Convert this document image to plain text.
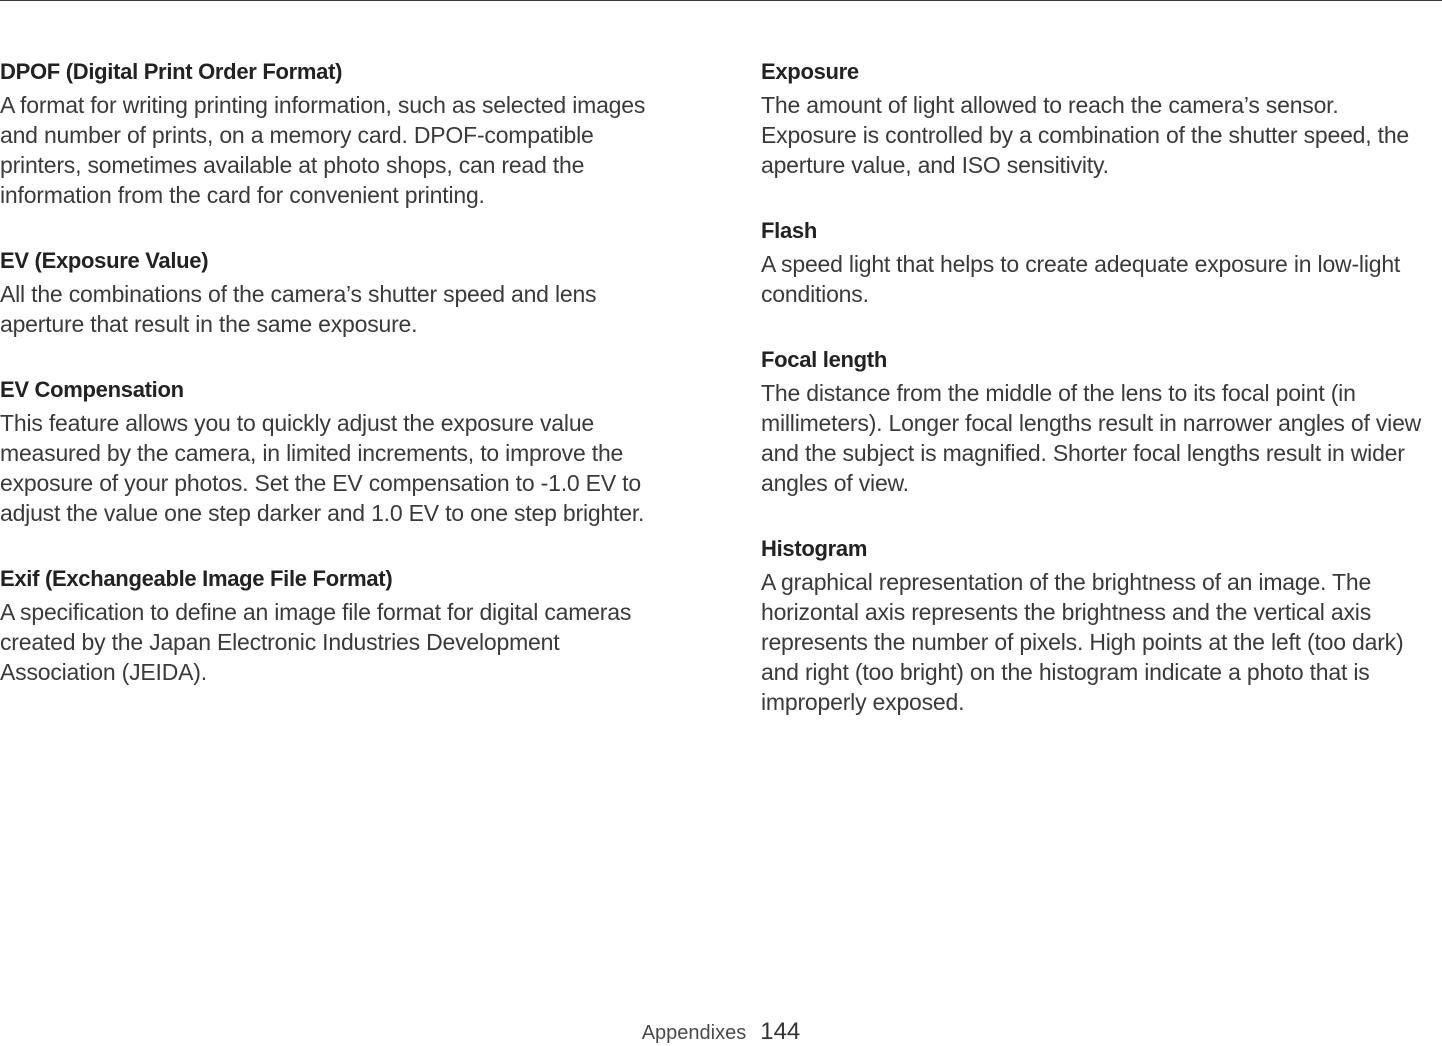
DPOF (Digital Print Order Format)

A format for writing printing information, such as selected images
and number of prints, on a memory card. DPOF-compatible
printers, sometimes available at photo shops, can read the
information from the card for convenient printing.

EV (Exposure Value)

All the combinations of the camera’s shutter speed and lens
aperture that result in the same exposure.

EV Compensation

This feature allows you to quickly adjust the exposure value
measured by the camera, in limited increments, to improve the
exposure of your photos. Set the EV compensation to -1.0 EV to
adjust the value one step darker and 1.0 EV to one step brighter.

Exif (Exchangeable Image File Format)

A specification to define an image file format for digital cameras
created by the Japan Electronic Industries Development
Association (JEIDA).

Exposure

The amount of light allowed to reach the camera’s sensor.
Exposure is controlled by a combination of the shutter speed, the
aperture value, and ISO sensitivity.

Flash

A speed light that helps to create adequate exposure in low-light
conditions.

Focal length

The distance from the middle of the lens to its focal point (in
millimeters). Longer focal lengths result in narrower angles of view
and the subject is magnified. Shorter focal lengths result in wider
angles of view.

Histogram

A graphical representation of the brightness of an image. The
horizontal axis represents the brightness and the vertical axis
represents the number of pixels. High points at the left (too dark)
and right (too bright) on the histogram indicate a photo that is
improperly exposed.

Appendixes 144
